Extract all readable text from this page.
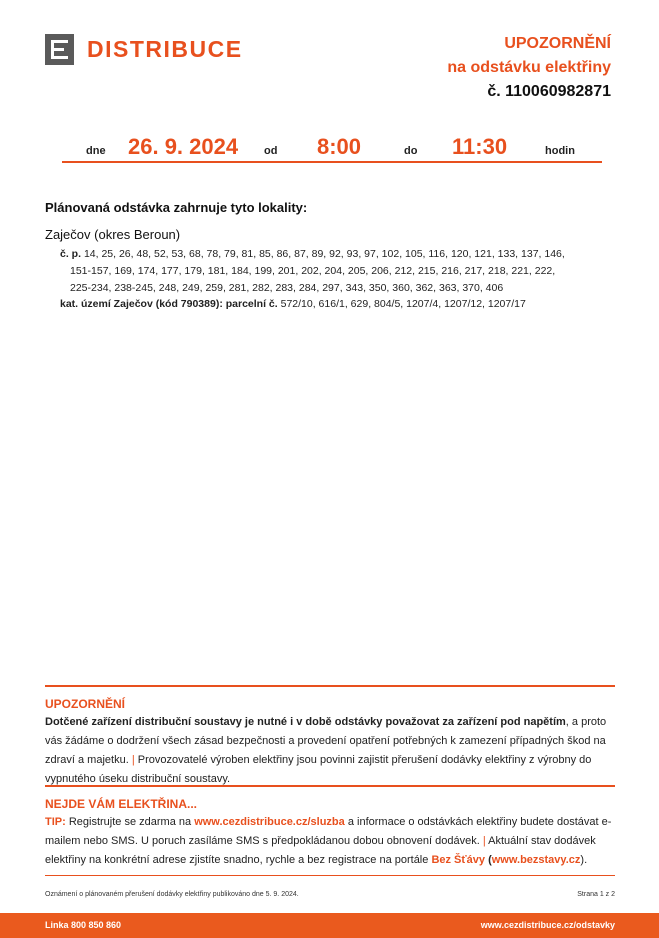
DISTRIBUCE	UPOZORNĚNÍ
na odstávku elektřiny
č. 110060982871
dne 26. 9. 2024 od 8:00	do 11:30	hodin
Plánovaná odstávka zahrnuje tyto lokality:
Zaječov (okres Beroun)
č. p. 14, 25, 26, 48, 52, 53, 68, 78, 79, 81, 85, 86, 87, 89, 92, 93, 97, 102, 105, 116, 120, 121, 133, 137, 146,
151-157, 169, 174, 177, 179, 181, 184, 199, 201, 202, 204, 205, 206, 212, 215, 216, 217, 218, 221, 222,
225-234, 238-245, 248, 249, 259, 281, 282, 283, 284, 297, 343, 350, 360, 362, 363, 370, 406
kat. území Zaječov (kód 790389): parcelní č. 572/10, 616/1, 629, 804/5, 1207/4, 1207/12, 1207/17
UPOZORNĚNÍ

Dotčené zařízení distribuční soustavy je nutné i v době odstávky považovat za zařízení pod napětím, a proto vás žádáme o dodržení všech zásad bezpečnosti a provedení opatření potřebných k zamezení případných škod na zdraví a majetku. | Provozovatelé výroben elektřiny jsou povinni zajistit přerušení dodávky elektřiny z výrobny do vypnutého úseku distribuční soustavy.

NEJDE VÁM ELEKTŘINA...

TIP: Registrujte se zdarma na www.cezdistribuce.cz/sluzba a informace o odstávkách elektřiny budete dostávat e-mailem nebo SMS. U poruch zasíláme SMS s předpokládanou dobou obnovení dodávek. | Aktuální stav dodávek elektřiny na konkrétní adrese zjistíte snadno, rychle a bez registrace na portále Bez Šťávy (www.bezstavy.cz).

Oznámení o plánovaném přerušení dodávky elektřiny publikováno dne 5. 9. 2024.	Strana 1 z 2
Linka 800 850 860	www.cezdistribuce.cz/odstavky
